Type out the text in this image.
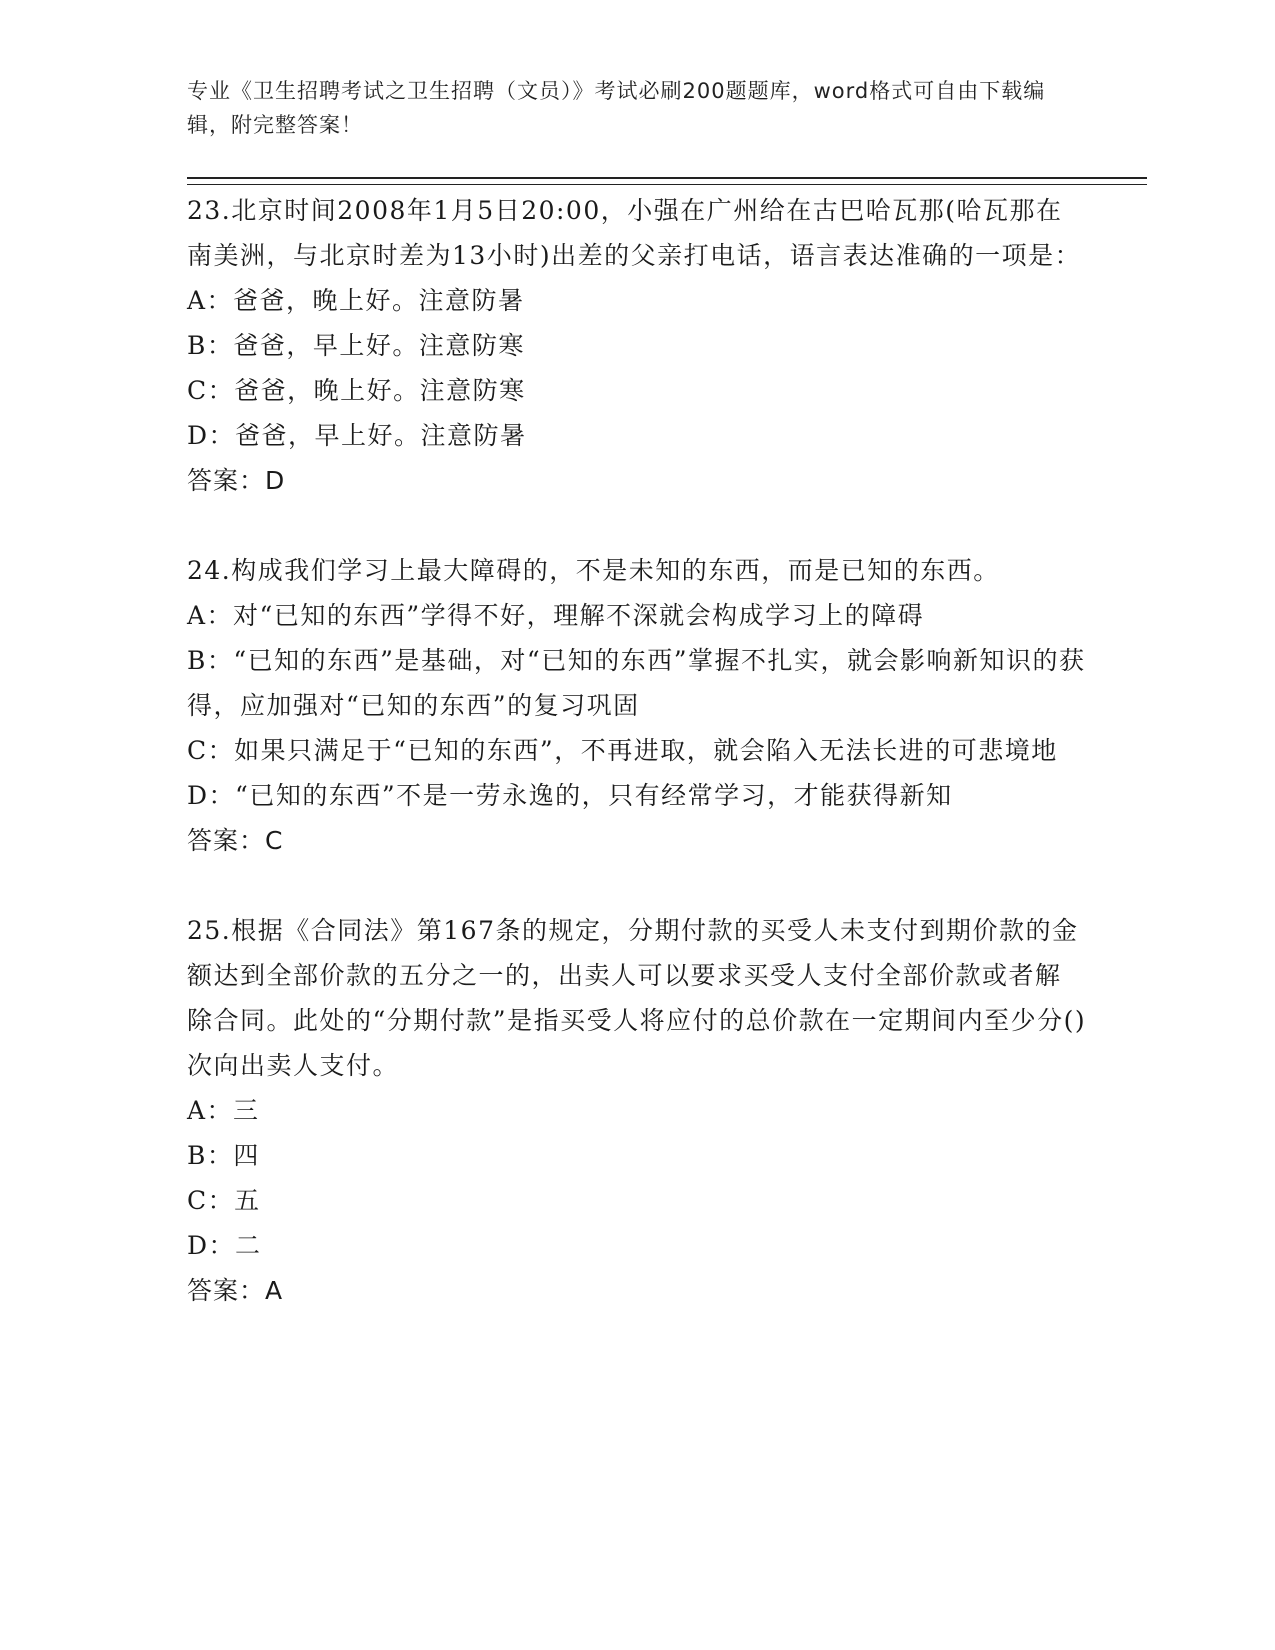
专业《卫生招聘考试之卫生招聘（文员）》考试必刷200题题库，word格式可自由下载编辑，附完整答案！
23.北京时间2008年1月5日20:00，小强在广州给在古巴哈瓦那(哈瓦那在南美洲，与北京时差为13小时)出差的父亲打电话，语言表达准确的一项是：
A：爸爸，晚上好。注意防暑
B：爸爸，早上好。注意防寒
C：爸爸，晚上好。注意防寒
D：爸爸，早上好。注意防暑
答案：D
24.构成我们学习上最大障碍的，不是未知的东西，而是已知的东西。
A：对“已知的东西”学得不好，理解不深就会构成学习上的障碍
B：“已知的东西”是基础，对“已知的东西”掌握不扎实，就会影响新知识的获得，应加强对“已知的东西”的复习巩固
C：如果只满足于“已知的东西”，不再进取，就会陷入无法长进的可悲境地
D：“已知的东西”不是一劳永逸的，只有经常学习，才能获得新知
答案：C
25.根据《合同法》第167条的规定，分期付款的买受人未支付到期价款的金额达到全部价款的五分之一的，出卖人可以要求买受人支付全部价款或者解除合同。此处的“分期付款”是指买受人将应付的总价款在一定期间内至少分()次向出卖人支付。
A：三
B：四
C：五
D：二
答案：A
